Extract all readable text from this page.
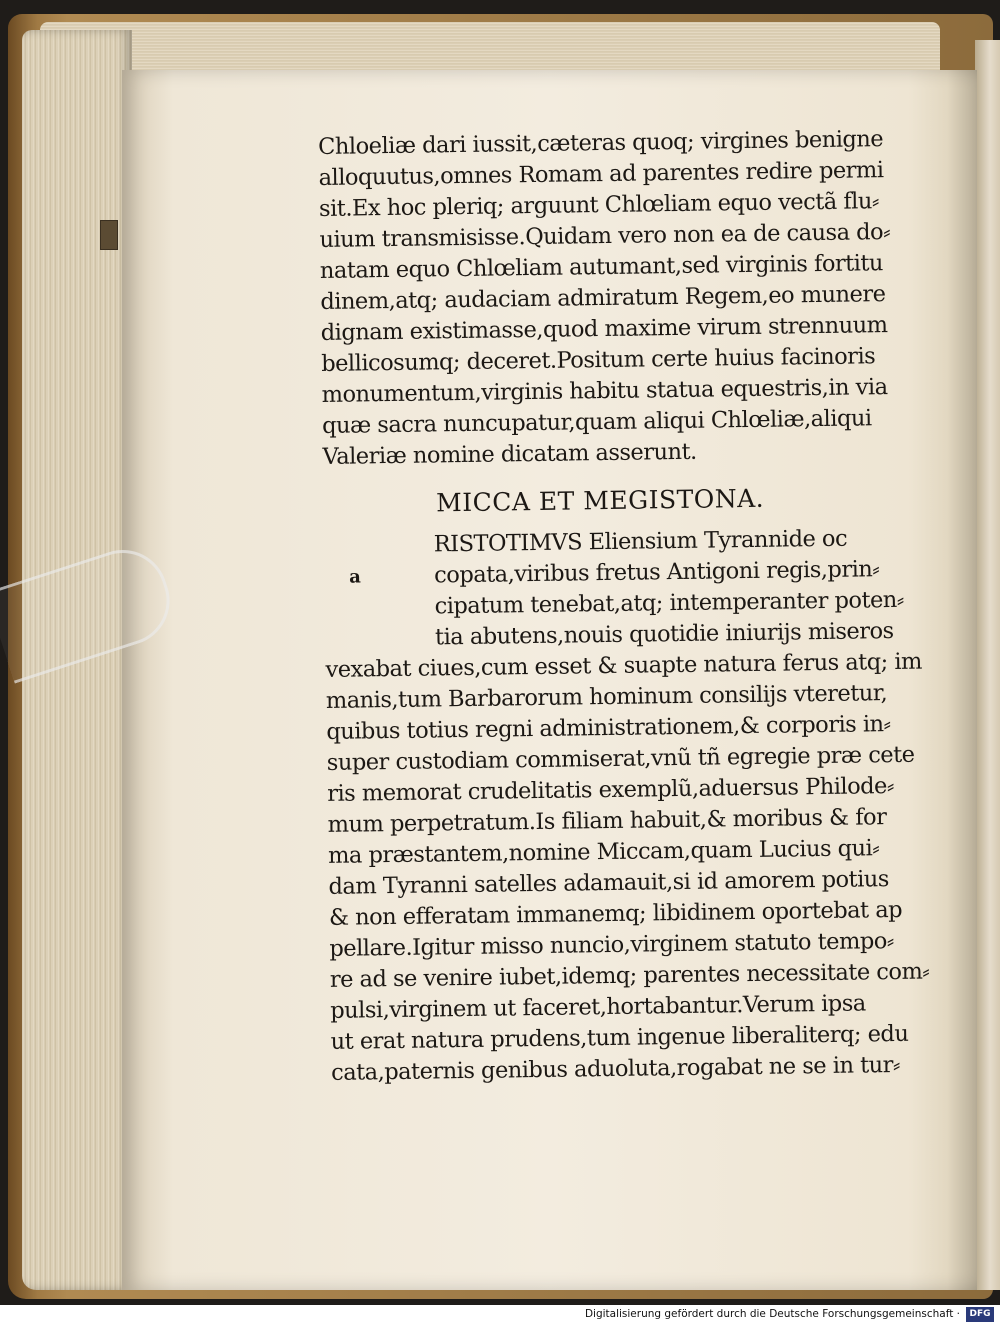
Chloeliæ dari iussit,cæteras quoq; virgines benigne
alloquutus,omnes Romam ad parentes redire permi
sit.Ex hoc pleriq; arguunt Chlœliam equo vectã flu⸗
uium transmisisse.Quidam vero non ea de causa do⸗
natam equo Chlœliam autumant,sed virginis fortitu
dinem,atq; audaciam admiratum Regem,eo munere
dignam existimasse,quod maxime virum strennuum
bellicosumq; deceret.Positum certe huius facinoris
monumentum,virginis habitu statua equestris,in via
quæ sacra nuncupatur,quam aliqui Chlœliæ,aliqui
Valeriæ nomine dicatam asserunt.
MICCA ET MEGISTONA.
RISTOTIMVS Eliensium Tyrannide oc
copata,viribus fretus Antigoni regis,prin⸗
cipatum tenebat,atq; intemperanter poten⸗
tia abutens,nouis quotidie iniurijs miseros
vexabat ciues,cum esset & suapte natura ferus atq; im
manis,tum Barbarorum hominum consilijs vteretur,
quibus totius regni administrationem,& corporis in⸗
super custodiam commiserat,vnũ tñ egregie præ cete
ris memorat crudelitatis exemplũ,aduersus Philode⸗
mum perpetratum.Is filiam habuit,& moribus & for
ma præstantem,nomine Miccam,quam Lucius qui⸗
dam Tyranni satelles adamauit,si id amorem potius
& non efferatam immanemq; libidinem oportebat ap
pellare.Igitur misso nuncio,virginem statuto tempo⸗
re ad se venire iubet,idemq; parentes necessitate com⸗
pulsi,virginem ut faceret,hortabantur.Verum ipsa
ut erat natura prudens,tum ingenue liberaliterq; edu
cata,paternis genibus aduoluta,rogabat ne se in tur⸗
a
Digitalisierung gefördert durch die Deutsche Forschungsgemeinschaft ·	DFG
